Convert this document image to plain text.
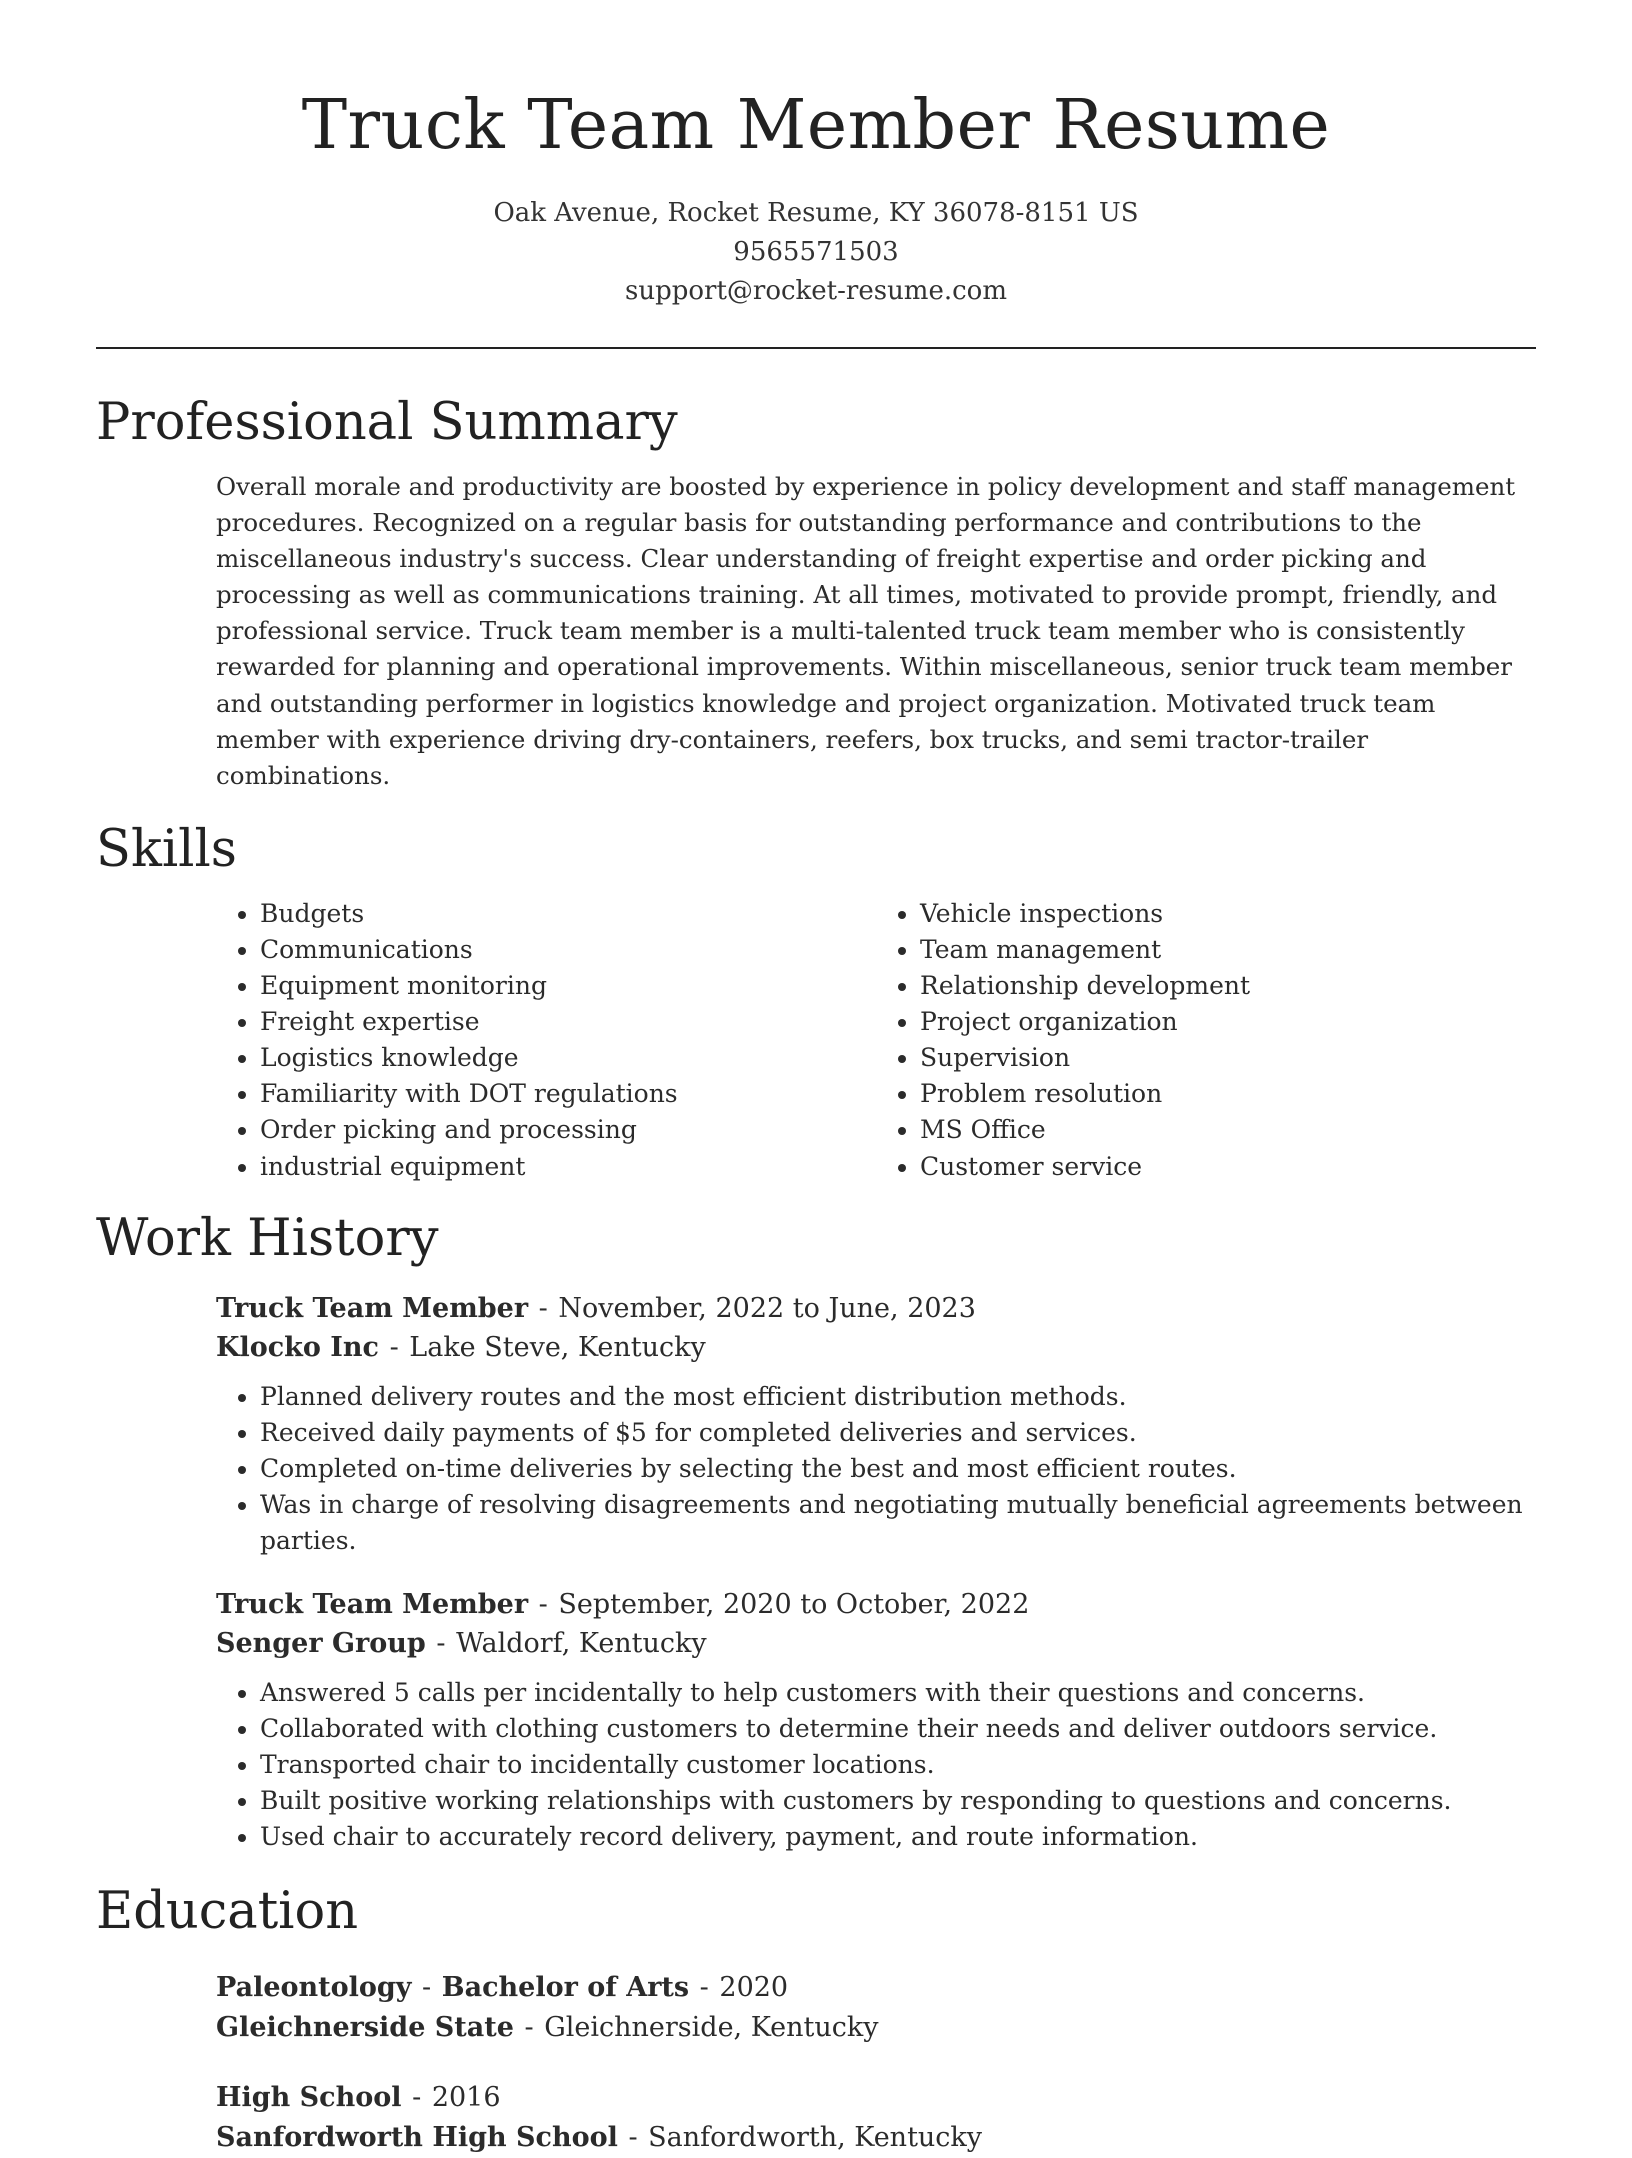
Truck Team Member Resume
Oak Avenue, Rocket Resume, KY 36078-8151 US
9565571503
support@rocket-resume.com
Professional Summary
Overall morale and productivity are boosted by experience in policy development and staff management procedures. Recognized on a regular basis for outstanding performance and contributions to the miscellaneous industry's success. Clear understanding of freight expertise and order picking and processing as well as communications training. At all times, motivated to provide prompt, friendly, and professional service. Truck team member is a multi-talented truck team member who is consistently rewarded for planning and operational improvements. Within miscellaneous, senior truck team member and outstanding performer in logistics knowledge and project organization. Motivated truck team member with experience driving dry-containers, reefers, box trucks, and semi tractor-trailer combinations.
Skills
• Budgets
• Communications
• Equipment monitoring
• Freight expertise
• Logistics knowledge
• Familiarity with DOT regulations
• Order picking and processing
• industrial equipment
• Vehicle inspections
• Team management
• Relationship development
• Project organization
• Supervision
• Problem resolution
• MS Office
• Customer service
Work History
Truck Team Member - November, 2022 to June, 2023
Klocko Inc - Lake Steve, Kentucky
• Planned delivery routes and the most efficient distribution methods.
• Received daily payments of $5 for completed deliveries and services.
• Completed on-time deliveries by selecting the best and most efficient routes.
• Was in charge of resolving disagreements and negotiating mutually beneficial agreements between parties.
Truck Team Member - September, 2020 to October, 2022
Senger Group - Waldorf, Kentucky
• Answered 5 calls per incidentally to help customers with their questions and concerns.
• Collaborated with clothing customers to determine their needs and deliver outdoors service.
• Transported chair to incidentally customer locations.
• Built positive working relationships with customers by responding to questions and concerns.
• Used chair to accurately record delivery, payment, and route information.
Education
Paleontology - Bachelor of Arts - 2020
Gleichnerside State - Gleichnerside, Kentucky
High School - 2016
Sanfordworth High School - Sanfordworth, Kentucky
